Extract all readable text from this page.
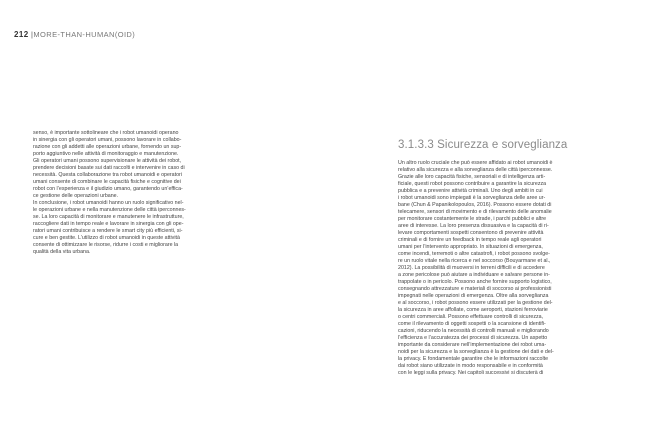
212 |MORE-THAN-HUMAN(OID)
senso, è importante sottolineare che i robot umanoidi operano
in sinergia con gli operatori umani, possono lavorare in collabo-
razione con gli addetti alle operazioni urbane, fornendo un sup-
porto aggiuntivo nelle attività di monitoraggio e manutenzione.
Gli operatori umani possono supervisionare le attività dei robot,
prendere decisioni basate sui dati raccolti e intervenire in caso di
necessità. Questa collaborazione tra robot umanoidi e operatori
umani consente di combinare le capacità fisiche e cognitive dei
robot con l’esperienza e il giudizio umano, garantendo un’effica-
ce gestione delle operazioni urbane.
In conclusione, i robot umanoidi hanno un ruolo significativo nel-
le operazioni urbane e nella manutenzione delle città iperconnes-
se. La loro capacità di monitorare e manutenere le infrastrutture,
raccogliere dati in tempo reale e lavorare in sinergia con gli ope-
ratori umani contribuisce a rendere le smart city più efficienti, si-
cure e ben gestite. L’utilizzo di robot umanoidi in queste attività
consente di ottimizzare le risorse, ridurre i costi e migliorare la
qualità della vita urbana.
3.1.3.3 Sicurezza e sorveglianza
Un altro ruolo cruciale che può essere affidato ai robot umanoidi è
relativo alla sicurezza e alla sorveglianza delle città iperconnesse.
Grazie alle loro capacità fisiche, sensoriali e di intelligenza arti-
ficiale, questi robot possono contribuire a garantire la sicurezza
pubblica e a prevenire attività criminali. Uno degli ambiti in cui
i robot umanoidi sono impiegati è la sorveglianza delle aree ur-
bane (Chun & Papanikolopoulos, 2016). Possono essere dotati di
telecamere, sensori di movimento e di rilevamento delle anomalie
per monitorare costantemente le strade, i parchi pubblici e altre
aree di interesse. La loro presenza dissuasiva e la capacità di ri-
levare comportamenti sospetti consentono di prevenire attività
criminali e di fornire un feedback in tempo reale agli operatori
umani per l’intervento appropriato. In situazioni di emergenza,
come incendi, terremoti o altre catastrofi, i robot possono svolge-
re un ruolo vitale nella ricerca e nel soccorso (Bouyarmane et al.,
2012). La possibilità di muoversi in terreni difficili e di accedere
a zone pericolose può aiutare a individuare e salvare persone in-
trappolate o in pericolo. Possono anche fornire supporto logistico,
consegnando attrezzature e materiali di soccorso ai professionisti
impegnati nelle operazioni di emergenza. Oltre alla sorveglianza
e al soccorso, i robot possono essere utilizzati per la gestione del-
la sicurezza in aree affollate, come aeroporti, stazioni ferroviarie
o centri commerciali. Possono effettuare controlli di sicurezza,
come il rilevamento di oggetti sospetti o la scansione di identifi-
cazioni, riducendo la necessità di controlli manuali e migliorando
l’efficienza e l’accuratezza dei processi di sicurezza. Un aspetto
importante da considerare nell’implementazione dei robot uma-
noidi per la sicurezza e la sorveglianza è la gestione dei dati e del-
la privacy. È fondamentale garantire che le informazioni raccolte
dai robot siano utilizzate in modo responsabile e in conformità
con le leggi sulla privacy. Nei capitoli successivi si discuterà di
